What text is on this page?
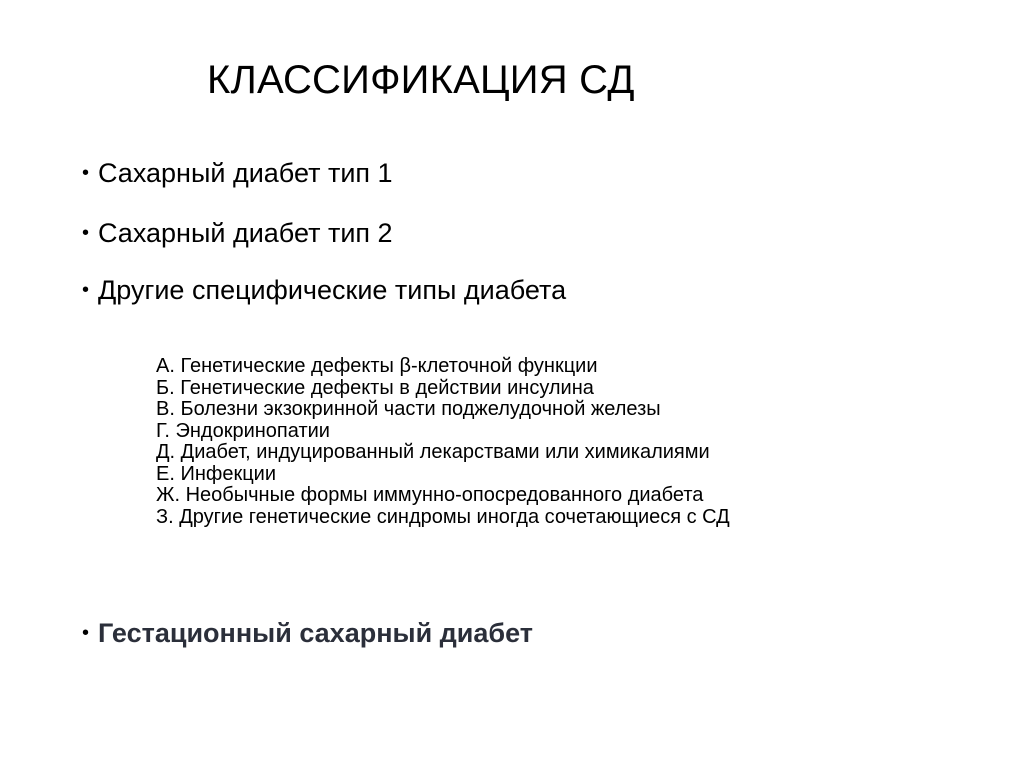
КЛАССИФИКАЦИЯ СД
• Сахарный диабет тип 1
• Сахарный диабет тип 2
• Другие специфические типы диабета
А. Генетические дефекты β-клеточной функции
Б. Генетические дефекты в действии инсулина
В. Болезни экзокринной части поджелудочной железы
Г. Эндокринопатии
Д. Диабет, индуцированный лекарствами или химикалиями
Е. Инфекции
Ж. Необычные формы иммунно-опосредованного диабета
З. Другие генетические синдромы иногда сочетающиеся с СД
• Гестационный сахарный диабет
